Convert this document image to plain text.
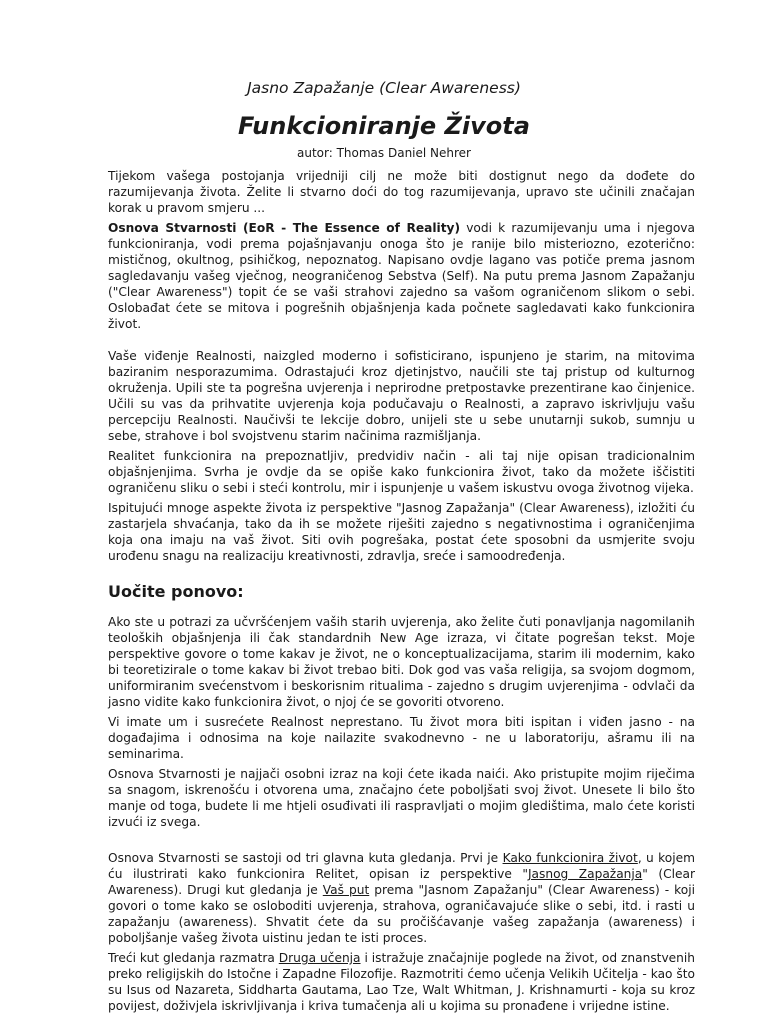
Jasno Zapažanje (Clear Awareness)
Funkcioniranje Života
autor: Thomas Daniel Nehrer

Tijekom vašega postojanja vrijedniji cilj ne može biti dostignut nego da dođete do razumijevanja života. Želite li stvarno doći do tog razumijevanja, upravo ste učinili značajan korak u pravom smjeru ...

Osnova Stvarnosti (EoR - The Essence of Reality) vodi k razumijevanju uma i njegova funkcioniranja, vodi prema pojašnjavanju onoga što je ranije bilo misteriozno, ezoterično: mističnog, okultnog, psihičkog, nepoznatog. Napisano ovdje lagano vas potiče prema jasnom sagledavanju vašeg vječnog, neograničenog Sebstva (Self). Na putu prema Jasnom Zapažanju ("Clear Awareness") topit će se vaši strahovi zajedno sa vašom ograničenom slikom o sebi. Oslobađat ćete se mitova i pogrešnih objašnjenja kada počnete sagledavati kako funkcionira život.

Vaše viđenje Realnosti, naizgled moderno i sofisticirano, ispunjeno je starim, na mitovima baziranim nesporazumima. Odrastajući kroz djetinjstvo, naučili ste taj pristup od kulturnog okruženja. Upili ste ta pogrešna uvjerenja i neprirodne pretpostavke prezentirane kao činjenice. Učili su vas da prihvatite uvjerenja koja podučavaju o Realnosti, a zapravo iskrivljuju vašu percepciju Realnosti. Naučivši te lekcije dobro, unijeli ste u sebe unutarnji sukob, sumnju u sebe, strahove i bol svojstvenu starim načinima razmišljanja.

Realitet funkcionira na prepoznatljiv, predvidiv način - ali taj nije opisan tradicionalnim objašnjenjima. Svrha je ovdje da se opiše kako funkcionira život, tako da možete iščistiti ograničenu sliku o sebi i steći kontrolu, mir i ispunjenje u vašem iskustvu ovoga životnog vijeka.

Ispitujući mnoge aspekte života iz perspektive "Jasnog Zapažanja" (Clear Awareness), izložiti ću zastarjela shvaćanja, tako da ih se možete riješiti zajedno s negativnostima i ograničenjima koja ona imaju na vaš život. Siti ovih pogrešaka, postat ćete sposobni da usmjerite svoju urođenu snagu na realizaciju kreativnosti, zdravlja, sreće i samoodređenja.

Uočite ponovo:

Ako ste u potrazi za učvršćenjem vaših starih uvjerenja, ako želite čuti ponavljanja nagomilanih teoloških objašnjenja ili čak standardnih New Age izraza, vi čitate pogrešan tekst. Moje perspektive govore o tome kakav je život, ne o konceptualizacijama, starim ili modernim, kako bi teoretizirale o tome kakav bi život trebao biti. Dok god vas vaša religija, sa svojom dogmom, uniformiranim svećenstvom i beskorisnim ritualima - zajedno s drugim uvjerenjima - odvlači da jasno vidite kako funkcionira život, o njoj će se govoriti otvoreno.

Vi imate um i susrećete Realnost neprestano. Tu život mora biti ispitan i viđen jasno - na događajima i odnosima na koje nailazite svakodnevno - ne u laboratoriju, ašramu ili na seminarima.

Osnova Stvarnosti je najjači osobni izraz na koji ćete ikada naići. Ako pristupite mojim riječima sa snagom, iskrenošću i otvorena uma, značajno ćete poboljšati svoj život. Unesete li bilo što manje od toga, budete li me htjeli osuđivati ili raspravljati o mojim gledištima, malo ćete koristi izvući iz svega.

Osnova Stvarnosti se sastoji od tri glavna kuta gledanja. Prvi je Kako funkcionira život, u kojem ću ilustrirati kako funkcionira Relitet, opisan iz perspektive "Jasnog Zapažanja" (Clear Awareness). Drugi kut gledanja je Vaš put prema "Jasnom Zapažanju" (Clear Awareness) - koji govori o tome kako se osloboditi uvjerenja, strahova, ograničavajuće slike o sebi, itd. i rasti u zapažanju (awareness). Shvatit ćete da su pročišćavanje vašeg zapažanja (awareness) i poboljšanje vašeg života uistinu jedan te isti proces.

Treći kut gledanja razmatra Druga učenja i istražuje značajnije poglede na život, od znanstvenih preko religijskih do Istočne i Zapadne Filozofije. Razmotriti ćemo učenja Velikih Učitelja - kao što su Isus od Nazareta, Siddharta Gautama, Lao Tze, Walt Whitman, J. Krishnamurti - koja su kroz povijest, doživjela iskrivljivanja i kriva tumačenja ali u kojima su pronađene i vrijedne istine.
